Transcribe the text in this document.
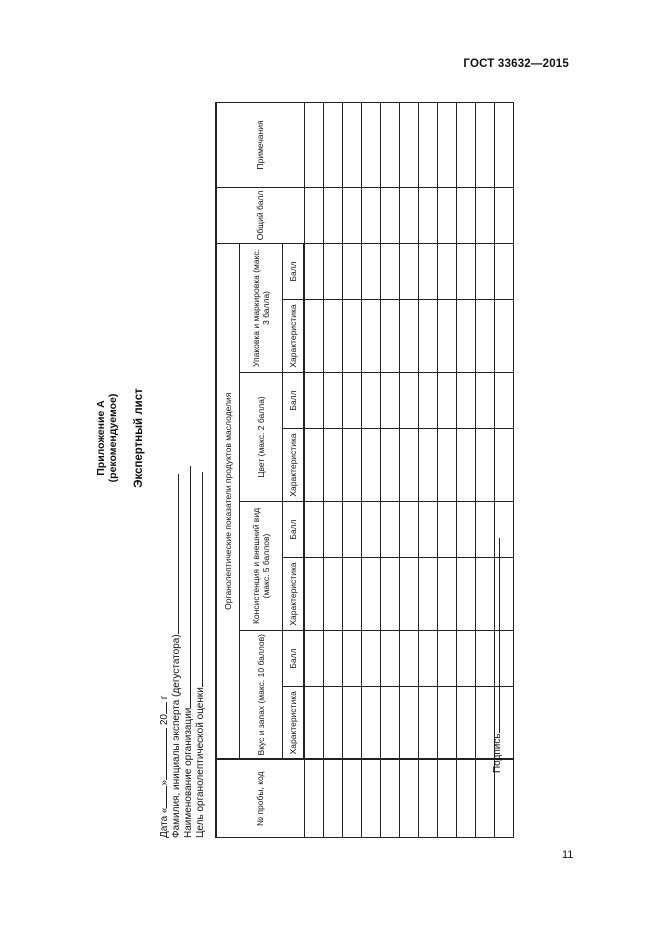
ГОСТ 33632—2015
11
Приложение А (рекомендуемое) Экспертный лист
Дата «» 20 г Фамилия, инициалы эксперта (дегустатора) Наименование организации Цель органолептической оценки	№ пробы, код	Органолептические показатели продуктов маслоделия								Общий балл	Примечания
	Вкус и запах (макс. 10 баллов)		Консистенция и внешний вид (макс. 5 баллов)		Цвет (макс. 2 балла)		Упаковка и маркировка (макс. 3 балла)			
	Характеристика	Балл	Характеристика	Балл	Характеристика	Балл	Характеристика	Балл		

Подпись
